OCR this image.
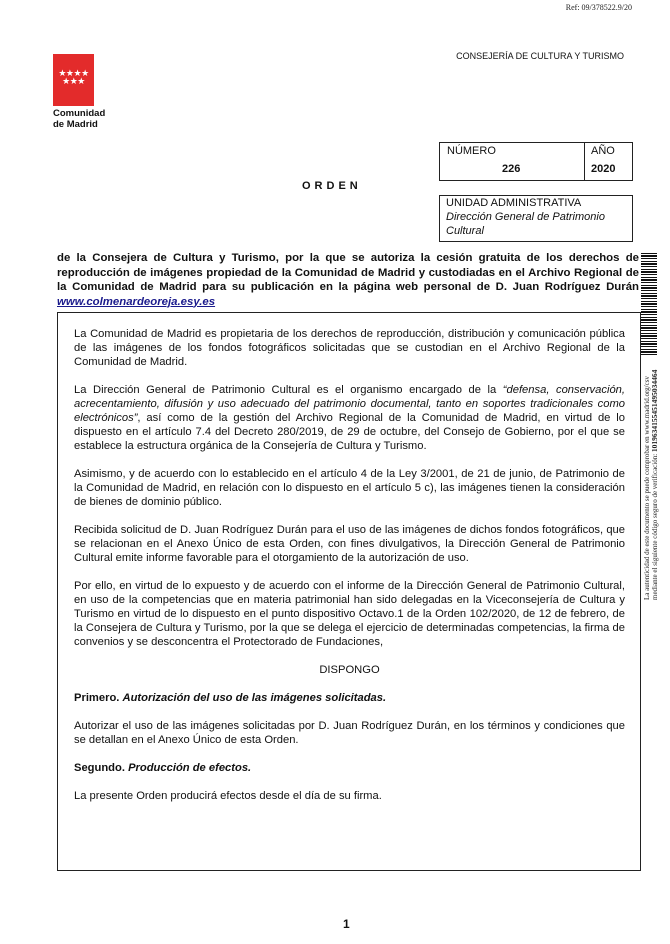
Ref: 09/378522.9/20
★★★★
★★★
Comunidad
de Madrid
CONSEJERÍA DE CULTURA Y TURISMO
ORDEN
NÚMERO
226
AÑO
2020
UNIDAD ADMINISTRATIVA
Dirección General de Patrimonio Cultural
de la Consejera de Cultura y Turismo, por la que se autoriza la cesión gratuita de los derechos de reproducción de imágenes propiedad de la Comunidad de Madrid y custodiadas en el Archivo Regional de la Comunidad de Madrid para su publicación en la página web personal de D. Juan Rodríguez Durán www.colmenardeoreja.esy.es

La Comunidad de Madrid es propietaria de los derechos de reproducción, distribución y comunicación pública de las imágenes de los fondos fotográficos solicitadas que se custodian en el Archivo Regional de la Comunidad de Madrid.

La Dirección General de Patrimonio Cultural es el organismo encargado de la “defensa, conservación, acrecentamiento, difusión y uso adecuado del patrimonio documental, tanto en soportes tradicionales como electrónicos”, así como de la gestión del Archivo Regional de la Comunidad de Madrid, en virtud de lo dispuesto en el artículo 7.4 del Decreto 280/2019, de 29 de octubre, del Consejo de Gobierno, por el que se establece la estructura orgánica de la Consejería de Cultura y Turismo.

Asimismo, y de acuerdo con lo establecido en el artículo 4 de la Ley 3/2001, de 21 de junio, de Patrimonio de la Comunidad de Madrid, en relación con lo dispuesto en el artículo 5 c), las imágenes tienen la consideración de bienes de dominio público.

Recibida solicitud de D. Juan Rodríguez Durán para el uso de las imágenes de dichos fondos fotográficos, que se relacionan en el Anexo Único de esta Orden, con fines divulgativos, la Dirección General de Patrimonio Cultural emite informe favorable para el otorgamiento de la autorización de uso.

Por ello, en virtud de lo expuesto y de acuerdo con el informe de la Dirección General de Patrimonio Cultural, en uso de la competencias que en materia patrimonial han sido delegadas en la Viceconsejería de Cultura y Turismo en virtud de lo dispuesto en el punto dispositivo Octavo.1 de la Orden 102/2020, de 12 de febrero, de la Consejera de Cultura y Turismo, por la que se delega el ejercicio de determinadas competencias, la firma de convenios y se desconcentra el Protectorado de Fundaciones,

DISPONGO

Primero. Autorización del uso de las imágenes solicitadas.

Autorizar el uso de las imágenes solicitadas por D. Juan Rodríguez Durán, en los términos y condiciones que se detallan en el Anexo Único de esta Orden.

Segundo. Producción de efectos.

La presente Orden producirá efectos desde el día de su firma.

La autenticidad de este documento se puede comprobar en www.madrid.org/csv mediante el siguiente código seguro de verificación: 1019634155451495034464
1
